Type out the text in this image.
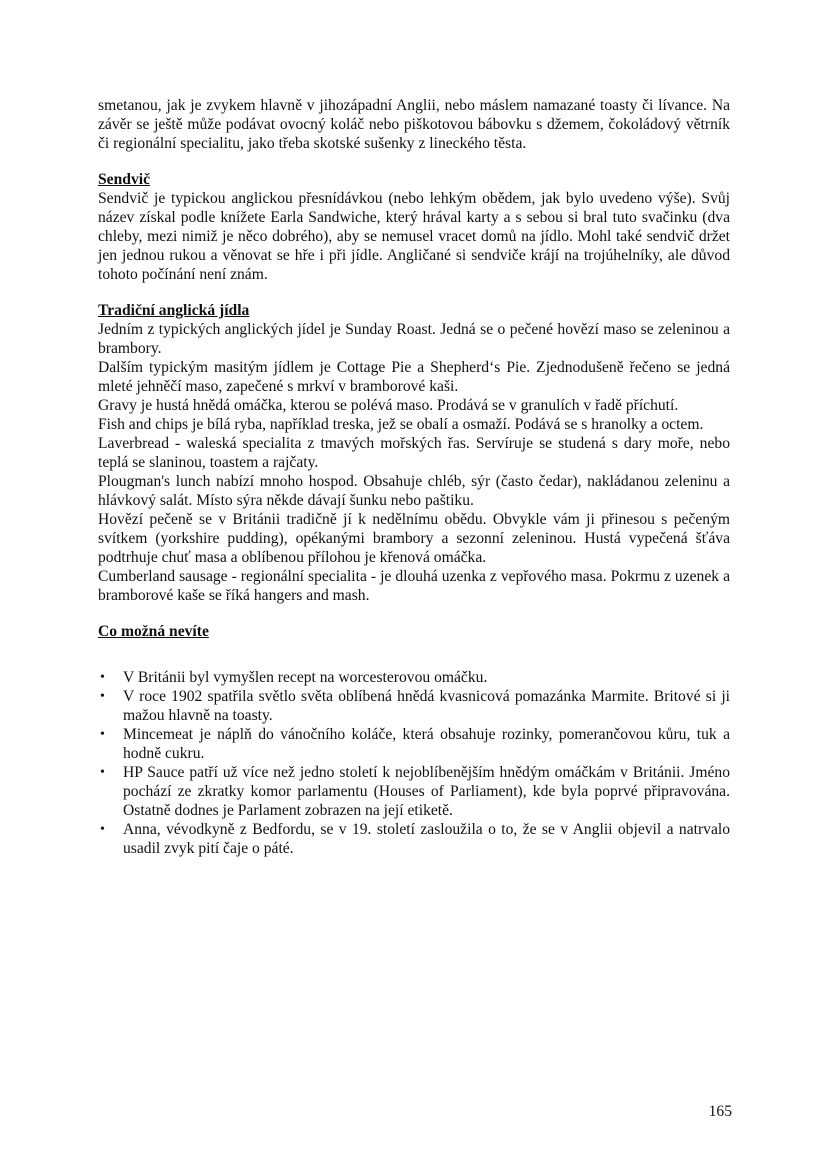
smetanou, jak je zvykem hlavně v jihozápadní Anglii, nebo máslem namazané toasty či lívance. Na závěr se ještě může podávat ovocný koláč nebo piškotovou bábovku s džemem, čokoládový větrník či regionální specialitu, jako třeba skotské sušenky z lineckého těsta.

Sendvič

Sendvič je typickou anglickou přesnídávkou (nebo lehkým obědem, jak bylo uvedeno výše). Svůj název získal podle knížete Earla Sandwiche, který hrával karty a s sebou si bral tuto svačinku (dva chleby, mezi nimiž je něco dobrého), aby se nemusel vracet domů na jídlo. Mohl také sendvič držet jen jednou rukou a věnovat se hře i při jídle. Angličané si sendviče krájí na trojúhelníky, ale důvod tohoto počínání není znám.

Tradiční anglická jídla

Jedním z typických anglických jídel je Sunday Roast. Jedná se o pečené hovězí maso se zeleninou a brambory.

Dalším typickým masitým jídlem je Cottage Pie a Shepherd‘s Pie. Zjednodušeně řečeno se jedná mleté jehněčí maso, zapečené s mrkví v bramborové kaši.

Gravy je hustá hnědá omáčka, kterou se polévá maso. Prodává se v granulích v řadě příchutí.

Fish and chips je bílá ryba, například treska, jež se obalí a osmaží. Podává se s hranolky a octem.

Laverbread - waleská specialita z tmavých mořských řas. Servíruje se studená s dary moře, nebo teplá se slaninou, toastem a rajčaty.

Plougman's lunch nabízí mnoho hospod. Obsahuje chléb, sýr (často čedar), nakládanou zeleninu a hlávkový salát. Místo sýra někde dávají šunku nebo paštiku.

Hovězí pečeně se v Británii tradičně jí k nedělnímu obědu. Obvykle vám ji přinesou s pečeným svítkem (yorkshire pudding), opékanými brambory a sezonní zeleninou. Hustá vypečená šťáva podtrhuje chuť masa a oblíbenou přílohou je křenová omáčka.

Cumberland sausage - regionální specialita - je dlouhá uzenka z vepřového masa. Pokrmu z uzenek a bramborové kaše se říká hangers and mash.

Co možná nevíte
• V Británii byl vymyšlen recept na worcesterovou omáčku.
• V roce 1902 spatřila světlo světa oblíbená hnědá kvasnicová pomazánka Marmite. Britové si ji mažou hlavně na toasty.
• Mincemeat je náplň do vánočního koláče, která obsahuje rozinky, pomerančovou kůru, tuk a hodně cukru.
• HP Sauce patří už více než jedno století k nejoblíbenějším hnědým omáčkám v Británii. Jméno pochází ze zkratky komor parlamentu (Houses of Parliament), kde byla poprvé připravována. Ostatně dodnes je Parlament zobrazen na její etiketě.
• Anna, vévodkyně z Bedfordu, se v 19. století zasloužila o to, že se v Anglii objevil a natrvalo usadil zvyk pití čaje o páté.
165
